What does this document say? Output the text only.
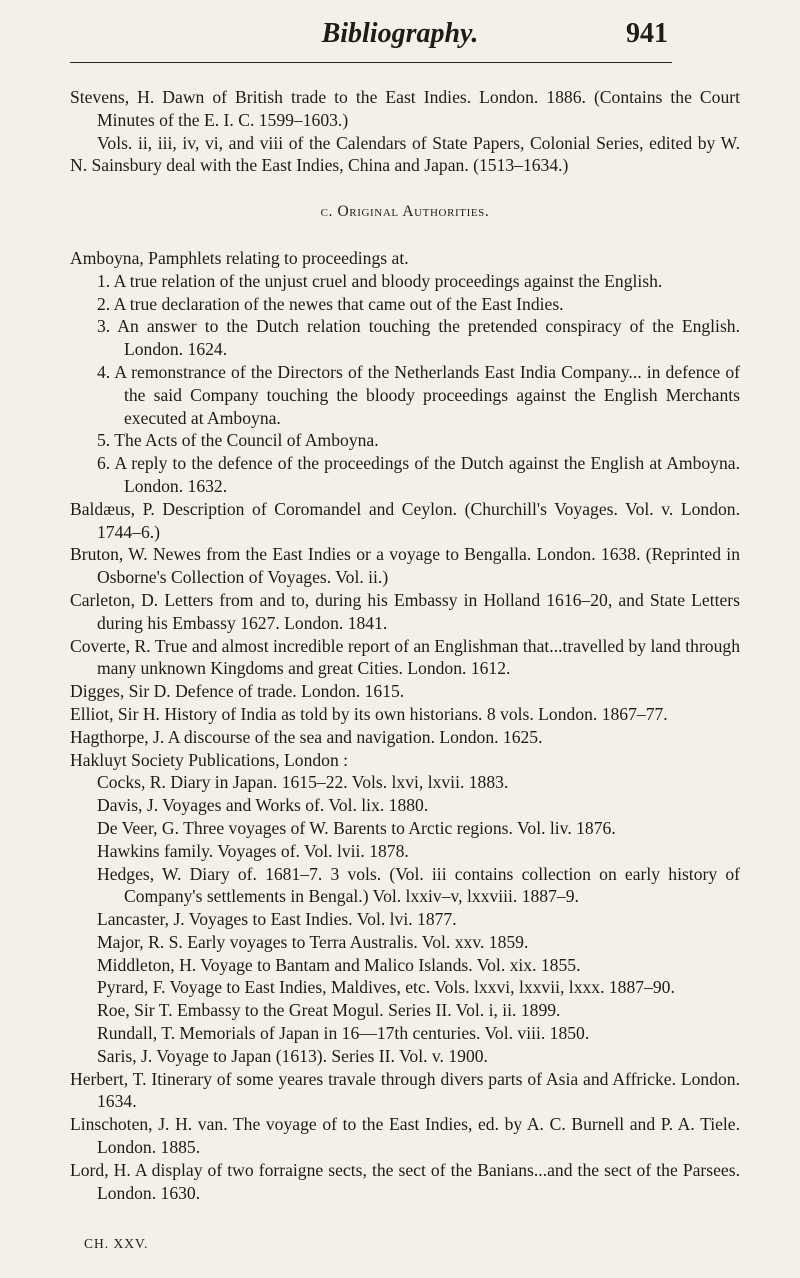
Bibliography.	941

Stevens, H. Dawn of British trade to the East Indies. London. 1886. (Contains the Court Minutes of the E. I. C. 1599–1603.)

Vols. ii, iii, iv, vi, and viii of the Calendars of State Papers, Colonial Series, edited by W. N. Sainsbury deal with the East Indies, China and Japan. (1513–1634.)

c. Original Authorities.

Amboyna, Pamphlets relating to proceedings at.

1. A true relation of the unjust cruel and bloody proceedings against the English.

2. A true declaration of the newes that came out of the East Indies.

3. An answer to the Dutch relation touching the pretended conspiracy of the English. London. 1624.

4. A remonstrance of the Directors of the Netherlands East India Company... in defence of the said Company touching the bloody proceedings against the English Merchants executed at Amboyna.

5. The Acts of the Council of Amboyna.

6. A reply to the defence of the proceedings of the Dutch against the English at Amboyna. London. 1632.

Baldæus, P. Description of Coromandel and Ceylon. (Churchill's Voyages. Vol. v. London. 1744–6.)

Bruton, W. Newes from the East Indies or a voyage to Bengalla. London. 1638. (Reprinted in Osborne's Collection of Voyages. Vol. ii.)

Carleton, D. Letters from and to, during his Embassy in Holland 1616–20, and State Letters during his Embassy 1627. London. 1841.

Coverte, R. True and almost incredible report of an Englishman that...travelled by land through many unknown Kingdoms and great Cities. London. 1612.

Digges, Sir D. Defence of trade. London. 1615.

Elliot, Sir H. History of India as told by its own historians. 8 vols. London. 1867–77.

Hagthorpe, J. A discourse of the sea and navigation. London. 1625.

Hakluyt Society Publications, London :

Cocks, R. Diary in Japan. 1615–22. Vols. lxvi, lxvii. 1883.

Davis, J. Voyages and Works of. Vol. lix. 1880.

De Veer, G. Three voyages of W. Barents to Arctic regions. Vol. liv. 1876.

Hawkins family. Voyages of. Vol. lvii. 1878.

Hedges, W. Diary of. 1681–7. 3 vols. (Vol. iii contains collection on early history of Company's settlements in Bengal.) Vol. lxxiv–v, lxxviii. 1887–9.

Lancaster, J. Voyages to East Indies. Vol. lvi. 1877.

Major, R. S. Early voyages to Terra Australis. Vol. xxv. 1859.

Middleton, H. Voyage to Bantam and Malico Islands. Vol. xix. 1855.

Pyrard, F. Voyage to East Indies, Maldives, etc. Vols. lxxvi, lxxvii, lxxx. 1887–90.

Roe, Sir T. Embassy to the Great Mogul. Series II. Vol. i, ii. 1899.

Rundall, T. Memorials of Japan in 16—17th centuries. Vol. viii. 1850.

Saris, J. Voyage to Japan (1613). Series II. Vol. v. 1900.

Herbert, T. Itinerary of some yeares travale through divers parts of Asia and Affricke. London. 1634.

Linschoten, J. H. van. The voyage of to the East Indies, ed. by A. C. Burnell and P. A. Tiele. London. 1885.

Lord, H. A display of two forraigne sects, the sect of the Banians...and the sect of the Parsees. London. 1630.

CH. XXV.
